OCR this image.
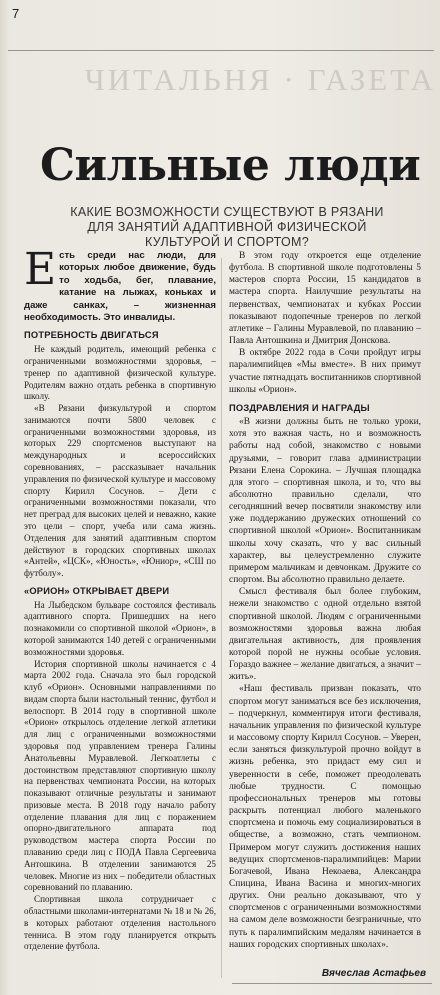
7
ЧИТАЛЬНЯ · ГАЗЕТА
Сильные люди
КАКИЕ ВОЗМОЖНОСТИ СУЩЕСТВУЮТ В РЯЗАНИ ДЛЯ ЗАНЯТИЙ АДАПТИВНОЙ ФИЗИЧЕСКОЙ КУЛЬТУРОЙ И СПОРТОМ?

Есть среди нас люди, для которых любое движение, будь то ходьба, бег, плавание, катание на лыжах, коньках и даже санках, – жизненная необходимость. Это инвалиды.

ПОТРЕБНОСТЬ ДВИГАТЬСЯ

Не каждый родитель, имеющий ребенка с ограниченными возможностями здоровья, – тренер по адаптивной физической культуре. Родителям важно отдать ребенка в спортивную школу.

«В Рязани физкультурой и спортом занимаются почти 5800 человек с ограниченными возможностями здоровья, из которых 229 спортсменов выступают на международных и всероссийских соревнованиях, – рассказывает начальник управления по физической культуре и массовому спорту Кирилл Сосунов. – Дети с ограниченными возможностями показали, что нет преград для высоких целей и неважно, какие это цели – спорт, учеба или сама жизнь. Отделения для занятий адаптивным спортом действуют в городских спортивных школах «Антей», «ЦСК», «Юность», «Юниор», «СШ по футболу».

«ОРИОН» ОТКРЫВАЕТ ДВЕРИ

На Лыбедском бульваре состоялся фестиваль адаптивного спорта. Пришедших на него познакомили со спортивной школой «Орион», в которой занимаются 140 детей с ограниченными возможностями здоровья.

История спортивной школы начинается с 4 марта 2002 года. Сначала это был городской клуб «Орион». Основными направлениями по видам спорта были настольный теннис, футбол и велоспорт. В 2014 году в спортивной школе «Орион» открылось отделение легкой атлетики для лиц с ограниченными возможностями здоровья под управлением тренера Галины Анатольевны Муравлевой. Легкоатлеты с достоинством представляют спортивную школу на первенствах чемпионата России, на которых показывают отличные результаты и занимают призовые места. В 2018 году начало работу отделение плавания для лиц с поражением опорно-двигательного аппарата под руководством мастера спорта России по плаванию среди лиц с ПОДА Павла Сергеевича Антошкина. В отделении занимаются 25 человек. Многие из них – победители областных соревнований по плаванию.

Спортивная школа сотрудничает с областными школами-интернатами № 18 и № 26, в которых работают отделения настольного тенниса. В этом году планируется открыть отделение футбола.

В этом году откроется еще отделение футбола. В спортивной школе подготовлены 5 мастеров спорта России, 15 кандидатов в мастера спорта. Наилучшие результаты на первенствах, чемпионатах и кубках России показывают подопечные тренеров по легкой атлетике – Галины Муравлевой, по плаванию – Павла Антошкина и Дмитрия Донскова.

В октябре 2022 года в Сочи пройдут игры паралимпийцев «Мы вместе». В них примут участие пятнадцать воспитанников спортивной школы «Орион».

ПОЗДРАВЛЕНИЯ И НАГРАДЫ

«В жизни должны быть не только уроки, хотя это важная часть, но и возможность работы над собой, знакомство с новыми друзьями, – говорит глава администрации Рязани Елена Сорокина. – Лучшая площадка для этого – спортивная школа, и то, что вы абсолютно правильно сделали, что сегодняшний вечер посвятили знакомству или уже поддержанию дружеских отношений со спортивной школой «Орион». Воспитанникам школы хочу сказать, что у вас сильный характер, вы целеустремленно служите примером мальчикам и девчонкам. Дружите со спортом. Вы абсолютно правильно делаете.

Смысл фестиваля был более глубоким, нежели знакомство с одной отдельно взятой спортивной школой. Людям с ограниченными возможностями здоровья важна любая двигательная активность, для проявления которой порой не нужны особые условия. Гораздо важнее – желание двигаться, а значит – жить».

«Наш фестиваль призван показать, что спортом могут заниматься все без исключения, – подчеркнул, комментируя итоги фестиваля, начальник управления по физической культуре и массовому спорту Кирилл Сосунов. – Уверен, если заняться физкультурой прочно войдут в жизнь ребенка, это придаст ему сил и уверенности в себе, поможет преодолевать любые трудности. С помощью профессиональных тренеров мы готовы раскрыть потенциал любого маленького спортсмена и помочь ему социализироваться в обществе, а возможно, стать чемпионом. Примером могут служить достижения наших ведущих спортсменов-паралимпийцев: Марии Богачевой, Ивана Некоаева, Александра Спицина, Ивана Васина и многих-многих других. Они реально доказывают, что у спортсменов с ограниченными возможностями на самом деле возможности безграничные, что путь к паралимпийским медалям начинается в наших городских спортивных школах».

Вячеслав Астафьев
